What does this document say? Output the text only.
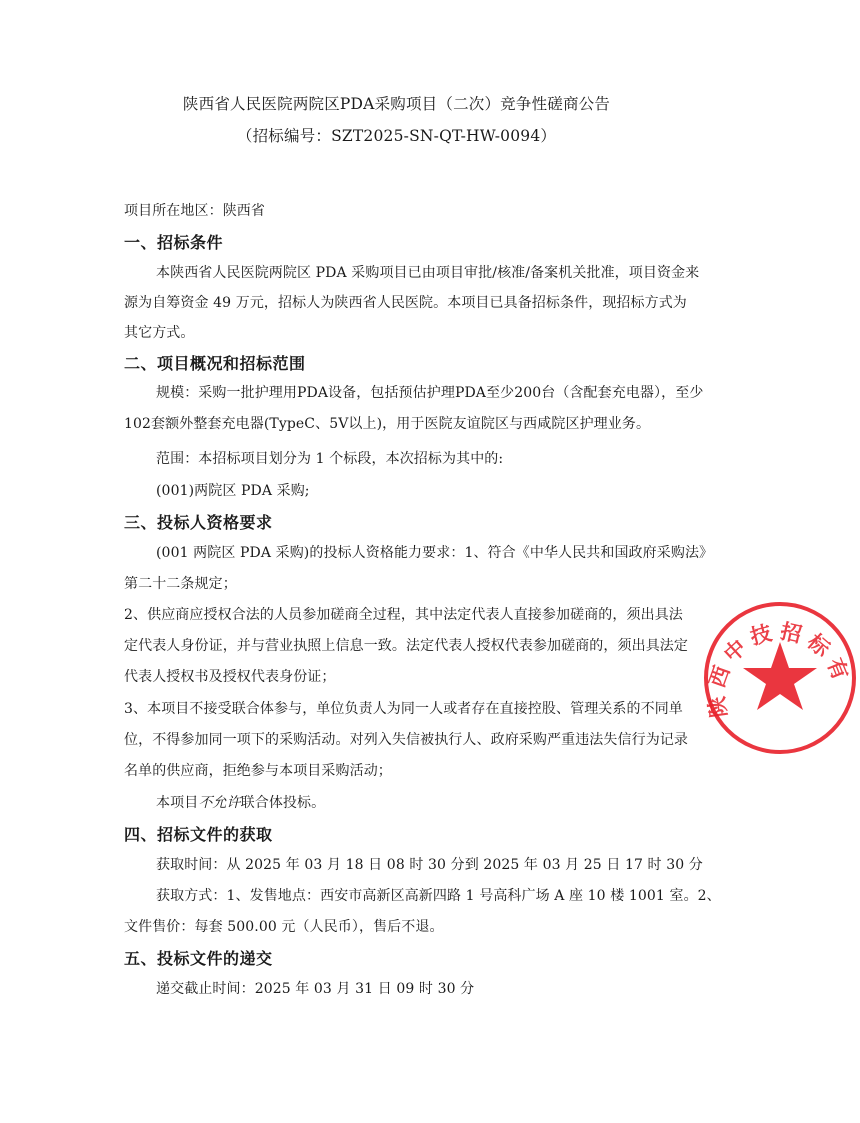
陕西省人民医院两院区PDA采购项目（二次）竞争性磋商公告
（招标编号：SZT2025-SN-QT-HW-0094）
项目所在地区：陕西省
一、招标条件
本陕西省人民医院两院区 PDA 采购项目已由项目审批/核准/备案机关批准，项目资金来
源为自筹资金 49 万元，招标人为陕西省人民医院。本项目已具备招标条件，现招标方式为
其它方式。
二、项目概况和招标范围
规模：采购一批护理用PDA设备，包括预估护理PDA至少200台（含配套充电器），至少
102套额外整套充电器(TypeC、5V以上)，用于医院友谊院区与西咸院区护理业务。
范围：本招标项目划分为 1 个标段，本次招标为其中的:
(001)两院区 PDA 采购;
三、投标人资格要求
(001 两院区 PDA 采购)的投标人资格能力要求：1、符合《中华人民共和国政府采购法》
第二十二条规定；
2、供应商应授权合法的人员参加磋商全过程，其中法定代表人直接参加磋商的，须出具法
定代表人身份证，并与营业执照上信息一致。法定代表人授权代表参加磋商的，须出具法定
代表人授权书及授权代表身份证；
3、本项目不接受联合体参与，单位负责人为同一人或者存在直接控股、管理关系的不同单
位，不得参加同一项下的采购活动。对列入失信被执行人、政府采购严重违法失信行为记录
名单的供应商，拒绝参与本项目采购活动；
本项目不允许联合体投标。
四、招标文件的获取
获取时间：从 2025 年 03 月 18 日 08 时 30 分到 2025 年 03 月 25 日 17 时 30 分
获取方式：1、发售地点：西安市高新区高新四路 1 号高科广场 A 座 10 楼 1001 室。2、
文件售价：每套 500.00 元（人民币），售后不退。
五、投标文件的递交
递交截止时间：2025 年 03 月 31 日 09 时 30 分
陕西中技招标有
